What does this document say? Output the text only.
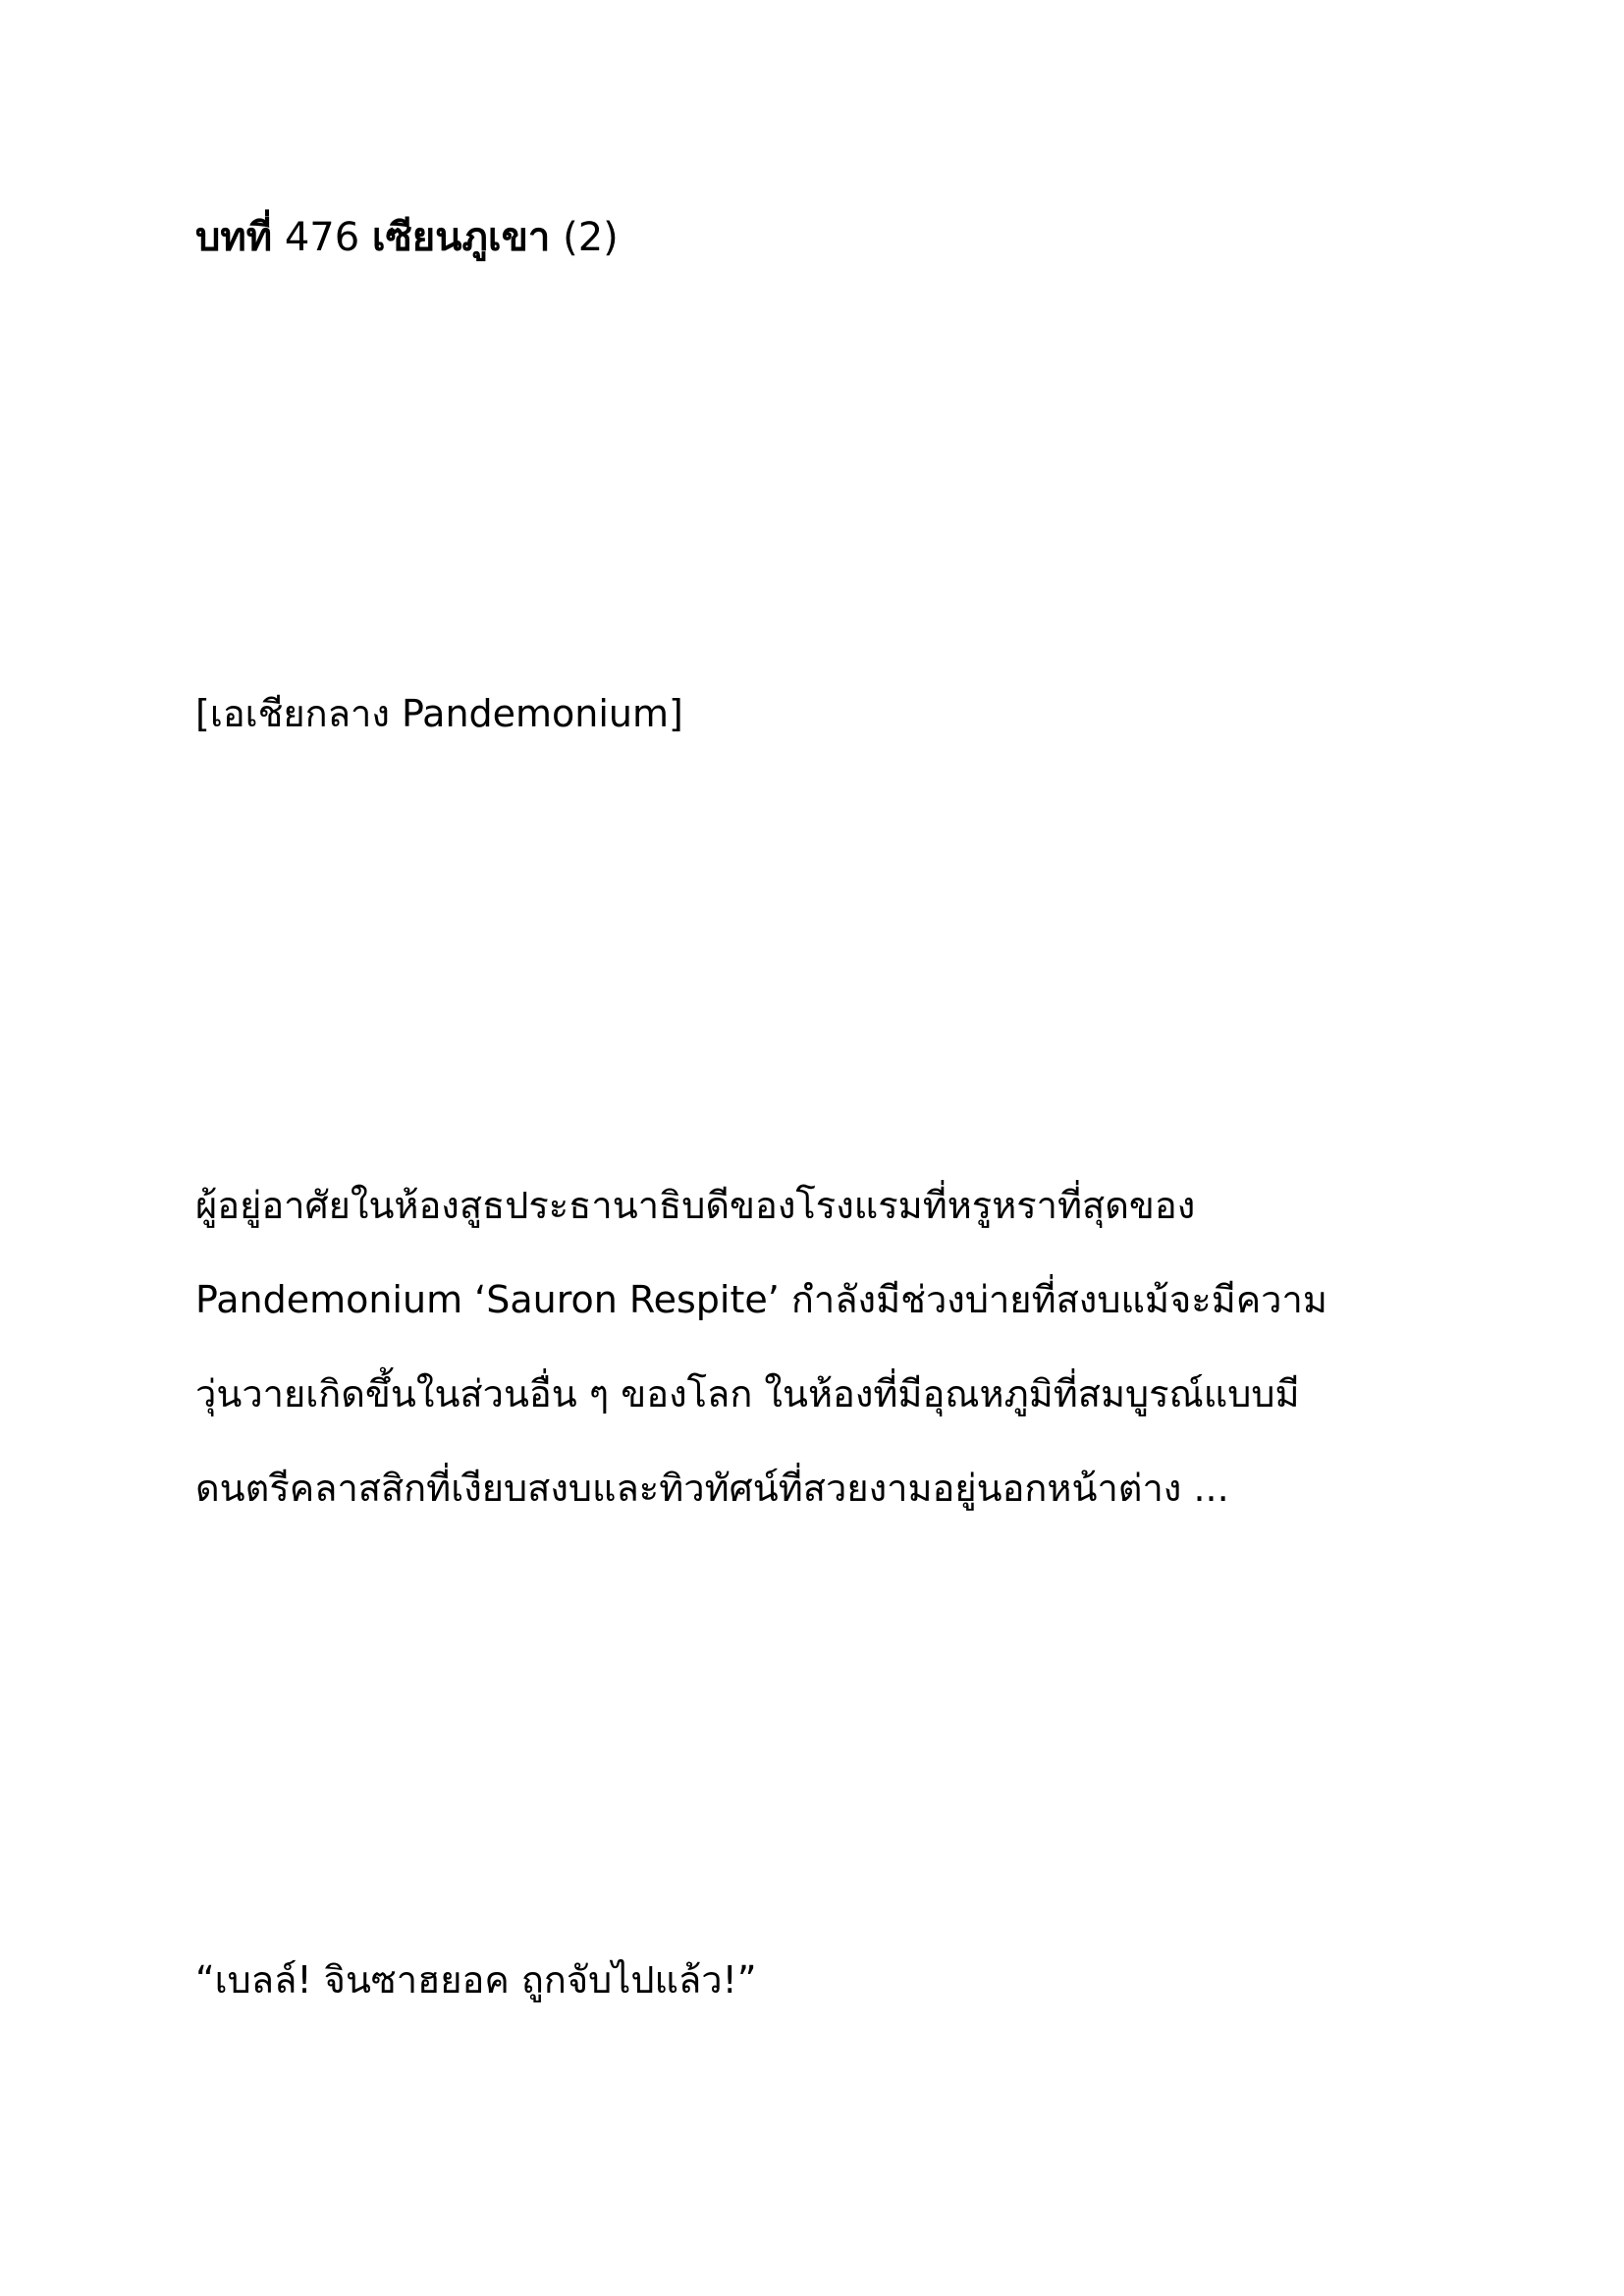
บทที่ 476 เซียนภูเขา (2)
[เอเชียกลาง Pandemonium]
ผู้อยู่อาศัยในห้องสูธประธานาธิบดีของโรงแรมที่หรูหราที่สุดของ
Pandemonium ‘Sauron Respite’ กำลังมีช่วงบ่ายที่สงบแม้จะมีความ
วุ่นวายเกิดขึ้นในส่วนอื่น ๆ ของโลก ในห้องที่มีอุณหภูมิที่สมบูรณ์แบบมี
ดนตรีคลาสสิกที่เงียบสงบและทิวทัศน์ที่สวยงามอยู่นอกหน้าต่าง ...
“เบลล์! จินซาฮยอค ถูกจับไปแล้ว!”
